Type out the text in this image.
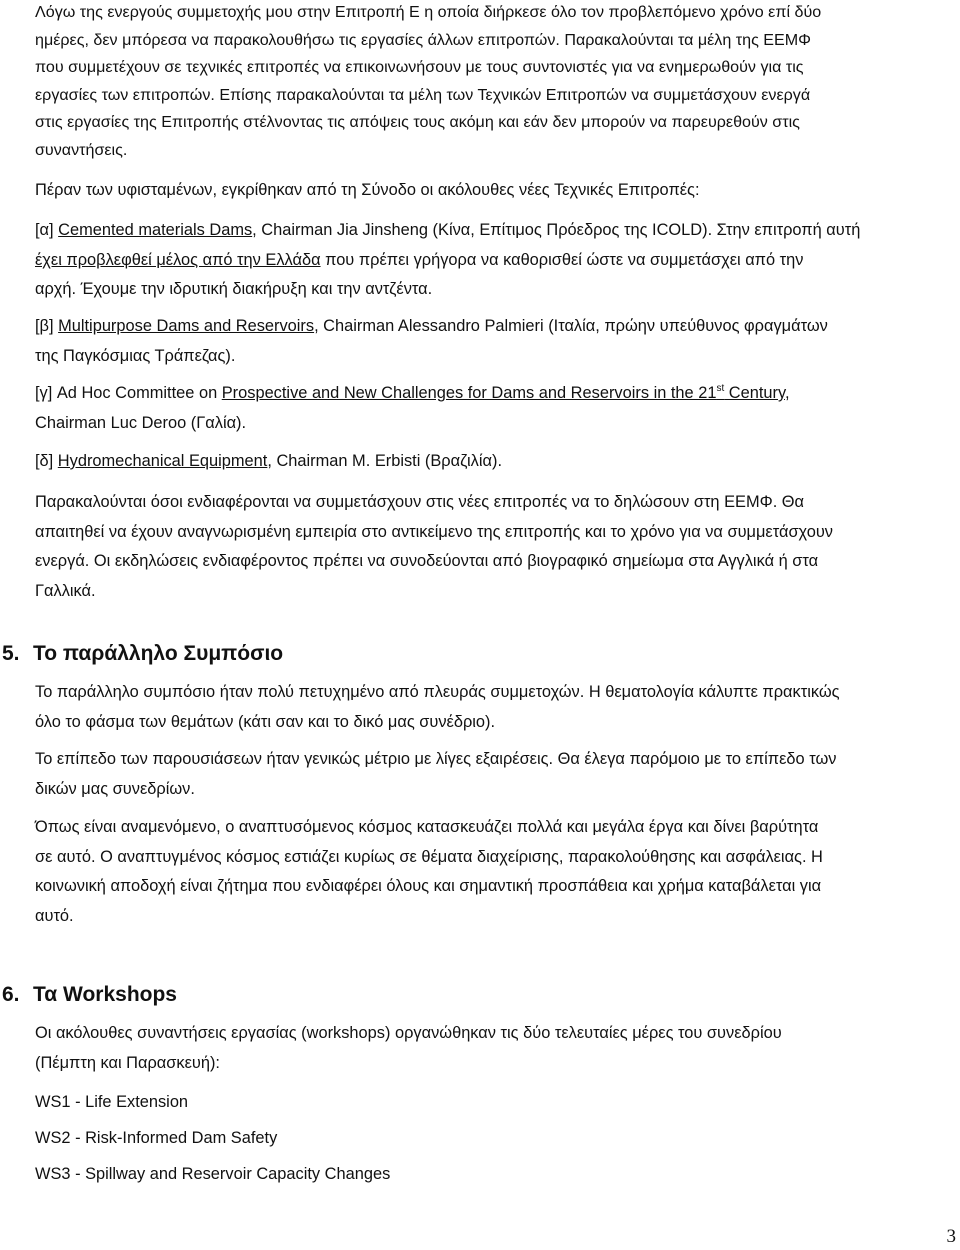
Λόγω της ενεργούς συμμετοχής μου στην Επιτροπή Ε η οποία διήρκεσε όλο τον προβλεπόμενο χρόνο επί δύο
ημέρες, δεν μπόρεσα να παρακολουθήσω τις εργασίες άλλων επιτροπών. Παρακαλούνται τα μέλη της ΕΕΜΦ
που συμμετέχουν σε τεχνικές επιτροπές να επικοινωνήσουν με τους συντονιστές για να ενημερωθούν για τις
εργασίες των επιτροπών. Επίσης παρακαλούνται τα μέλη των Τεχνικών Επιτροπών να συμμετάσχουν ενεργά
στις εργασίες της Επιτροπής στέλνοντας τις απόψεις τους ακόμη και εάν δεν μπορούν να παρευρεθούν στις
συναντήσεις.
Πέραν των υφισταμένων, εγκρίθηκαν από τη Σύνοδο οι ακόλουθες νέες Τεχνικές Επιτροπές:
[α] Cemented materials Dams, Chairman Jia Jinsheng (Κίνα, Επίτιμος Πρόεδρος της ICOLD). Στην επιτροπή αυτή
έχει προβλεφθεί μέλος από την Ελλάδα που πρέπει γρήγορα να καθορισθεί ώστε να συμμετάσχει από την
αρχή. Έχουμε την ιδρυτική διακήρυξη και την αντζέντα.
[β] Multipurpose Dams and Reservoirs, Chairman Alessandro Palmieri (Ιταλία, πρώην υπεύθυνος φραγμάτων
της Παγκόσμιας Τράπεζας).
[γ] Ad Hoc Committee on Prospective and New Challenges for Dams and Reservoirs in the 21st Century,
Chairman Luc Deroo (Γαλία).
[δ] Hydromechanical Equipment, Chairman M. Erbisti (Βραζιλία).
Παρακαλούνται όσοι ενδιαφέρονται να συμμετάσχουν στις νέες επιτροπές να το δηλώσουν στη ΕΕΜΦ. Θα
απαιτηθεί να έχουν αναγνωρισμένη εμπειρία στο αντικείμενο της επιτροπής και το χρόνο για να συμμετάσχουν
ενεργά. Οι εκδηλώσεις ενδιαφέροντος πρέπει να συνοδεύονται από βιογραφικό σημείωμα στα Αγγλικά ή στα
Γαλλικά.
5. Το παράλληλο Συμπόσιο
Το παράλληλο συμπόσιο ήταν πολύ πετυχημένο από πλευράς συμμετοχών. Η θεματολογία κάλυπτε πρακτικώς
όλο το φάσμα των θεμάτων (κάτι σαν και το δικό μας συνέδριο).
Το επίπεδο των παρουσιάσεων ήταν γενικώς μέτριο με λίγες εξαιρέσεις. Θα έλεγα παρόμοιο με το επίπεδο των
δικών μας συνεδρίων.
Όπως είναι αναμενόμενο, ο αναπτυσόμενος κόσμος κατασκευάζει πολλά και μεγάλα έργα και δίνει βαρύτητα
σε αυτό. Ο αναπτυγμένος κόσμος εστιάζει κυρίως σε θέματα διαχείρισης, παρακολούθησης και ασφάλειας. Η
κοινωνική αποδοχή είναι ζήτημα που ενδιαφέρει όλους και σημαντική προσπάθεια και χρήμα καταβάλεται για
αυτό.
6. Τα Workshops
Οι ακόλουθες συναντήσεις εργασίας (workshops) οργανώθηκαν τις δύο τελευταίες μέρες του συνεδρίου
(Πέμπτη και Παρασκευή):

WS1 - Life Extension

WS2 - Risk-Informed Dam Safety

WS3 - Spillway and Reservoir Capacity Changes

3
